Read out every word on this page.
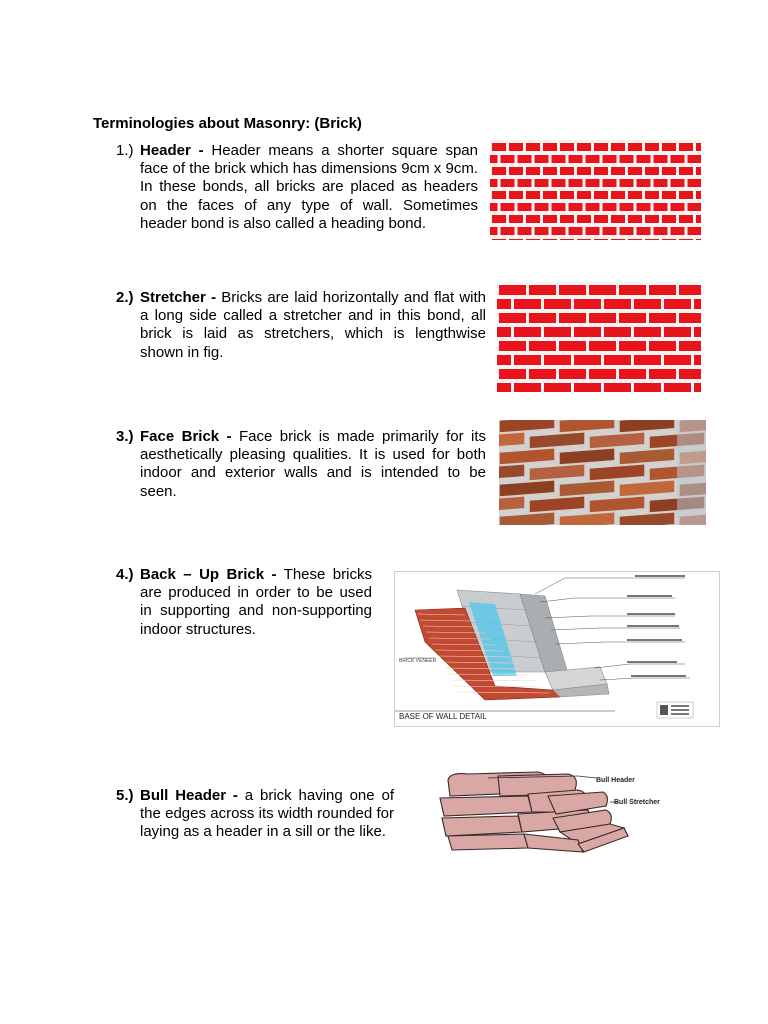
Terminologies about Masonry: (Brick)
1.) Header - Header means a shorter square span face of the brick which has dimensions 9cm x 9cm. In these bonds, all bricks are placed as headers on the faces of any type of wall. Sometimes header bond is also called a heading bond.
2.) Stretcher - Bricks are laid horizontally and flat with a long side called a stretcher and in this bond, all brick is laid as stretchers, which is lengthwise shown in fig.
3.) Face Brick - Face brick is made primarily for its aesthetically pleasing qualities. It is used for both indoor and exterior walls and is intended to be seen.
4.) Back – Up Brick - These bricks are produced in order to be used in supporting and non-supporting indoor structures.
BRICK VENEER
BASE OF WALL DETAIL
5.) Bull Header - a brick having one of the edges across its width rounded for laying as a header in a sill or the like.
Bull Header
Bull Stretcher
